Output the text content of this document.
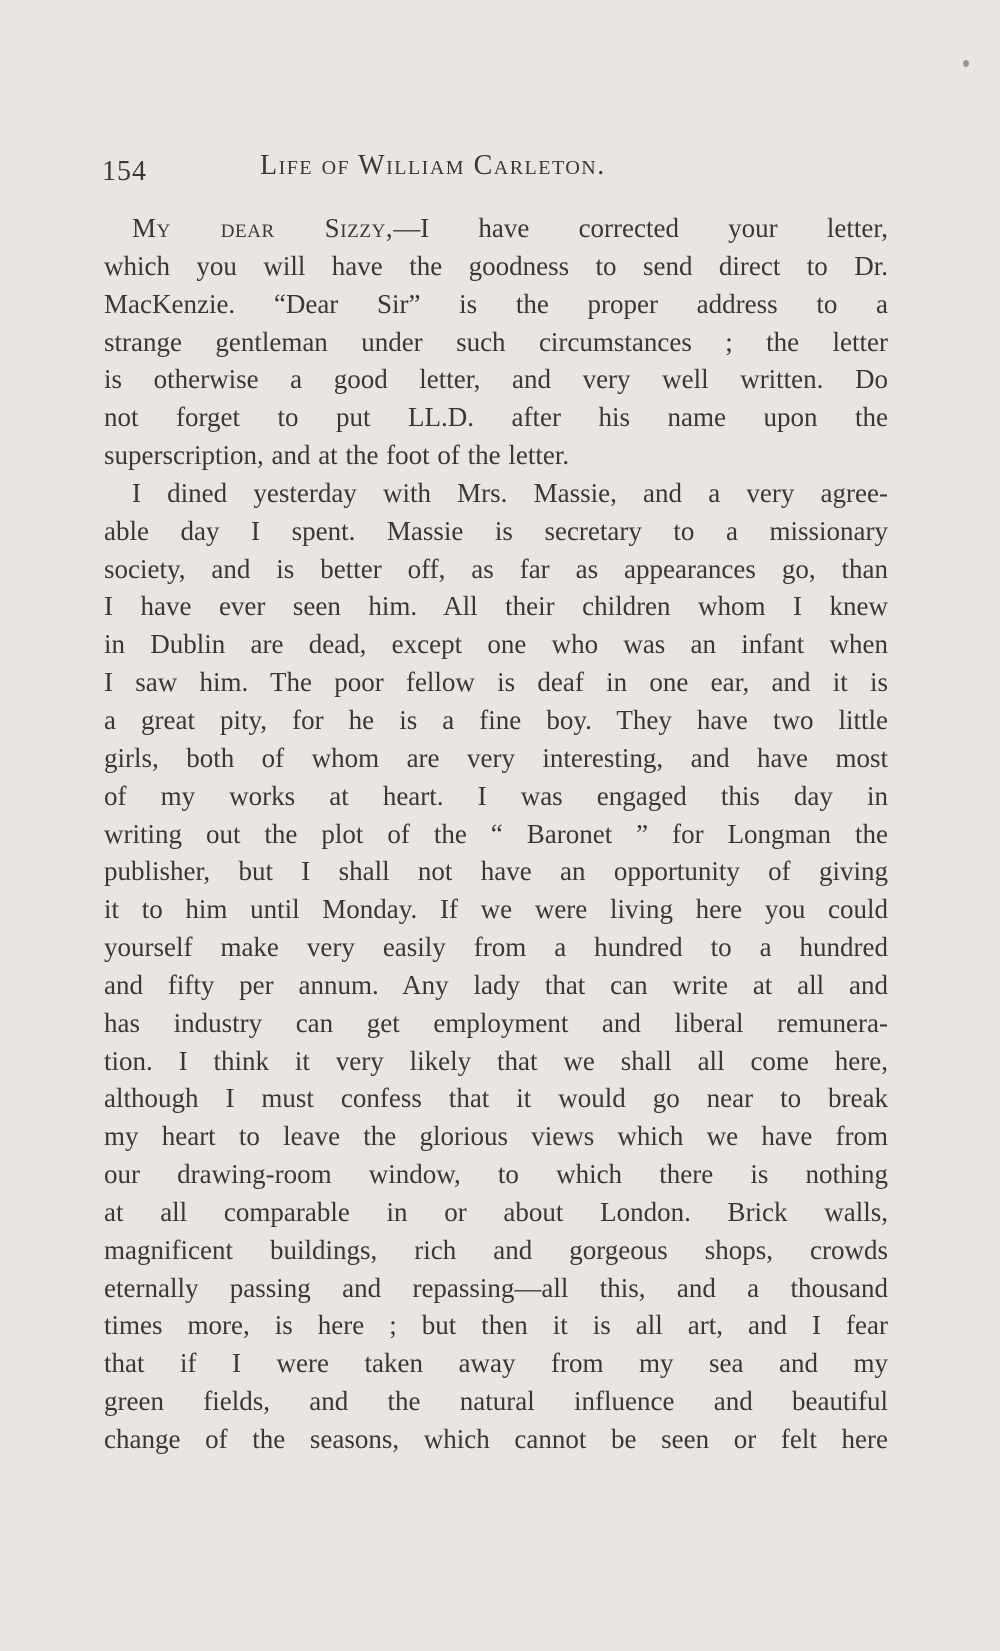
154	Life of William Carleton.
My dear Sizzy,—I have corrected your letter,
which you will have the goodness to send direct to Dr.
MacKenzie. “Dear Sir” is the proper address to a
strange gentleman under such circumstances ; the letter
is otherwise a good letter, and very well written. Do
not forget to put LL.D. after his name upon the
superscription, and at the foot of the letter.
I dined yesterday with Mrs. Massie, and a very agree-
able day I spent. Massie is secretary to a missionary
society, and is better off, as far as appearances go, than
I have ever seen him. All their children whom I knew
in Dublin are dead, except one who was an infant when
I saw him. The poor fellow is deaf in one ear, and it is
a great pity, for he is a fine boy. They have two little
girls, both of whom are very interesting, and have most
of my works at heart. I was engaged this day in
writing out the plot of the “ Baronet ” for Longman the
publisher, but I shall not have an opportunity of giving
it to him until Monday. If we were living here you could
yourself make very easily from a hundred to a hundred
and fifty per annum. Any lady that can write at all and
has industry can get employment and liberal remunera-
tion. I think it very likely that we shall all come here,
although I must confess that it would go near to break
my heart to leave the glorious views which we have from
our drawing-room window, to which there is nothing
at all comparable in or about London. Brick walls,
magnificent buildings, rich and gorgeous shops, crowds
eternally passing and repassing—all this, and a thousand
times more, is here ; but then it is all art, and I fear
that if I were taken away from my sea and my
green fields, and the natural influence and beautiful
change of the seasons, which cannot be seen or felt here
